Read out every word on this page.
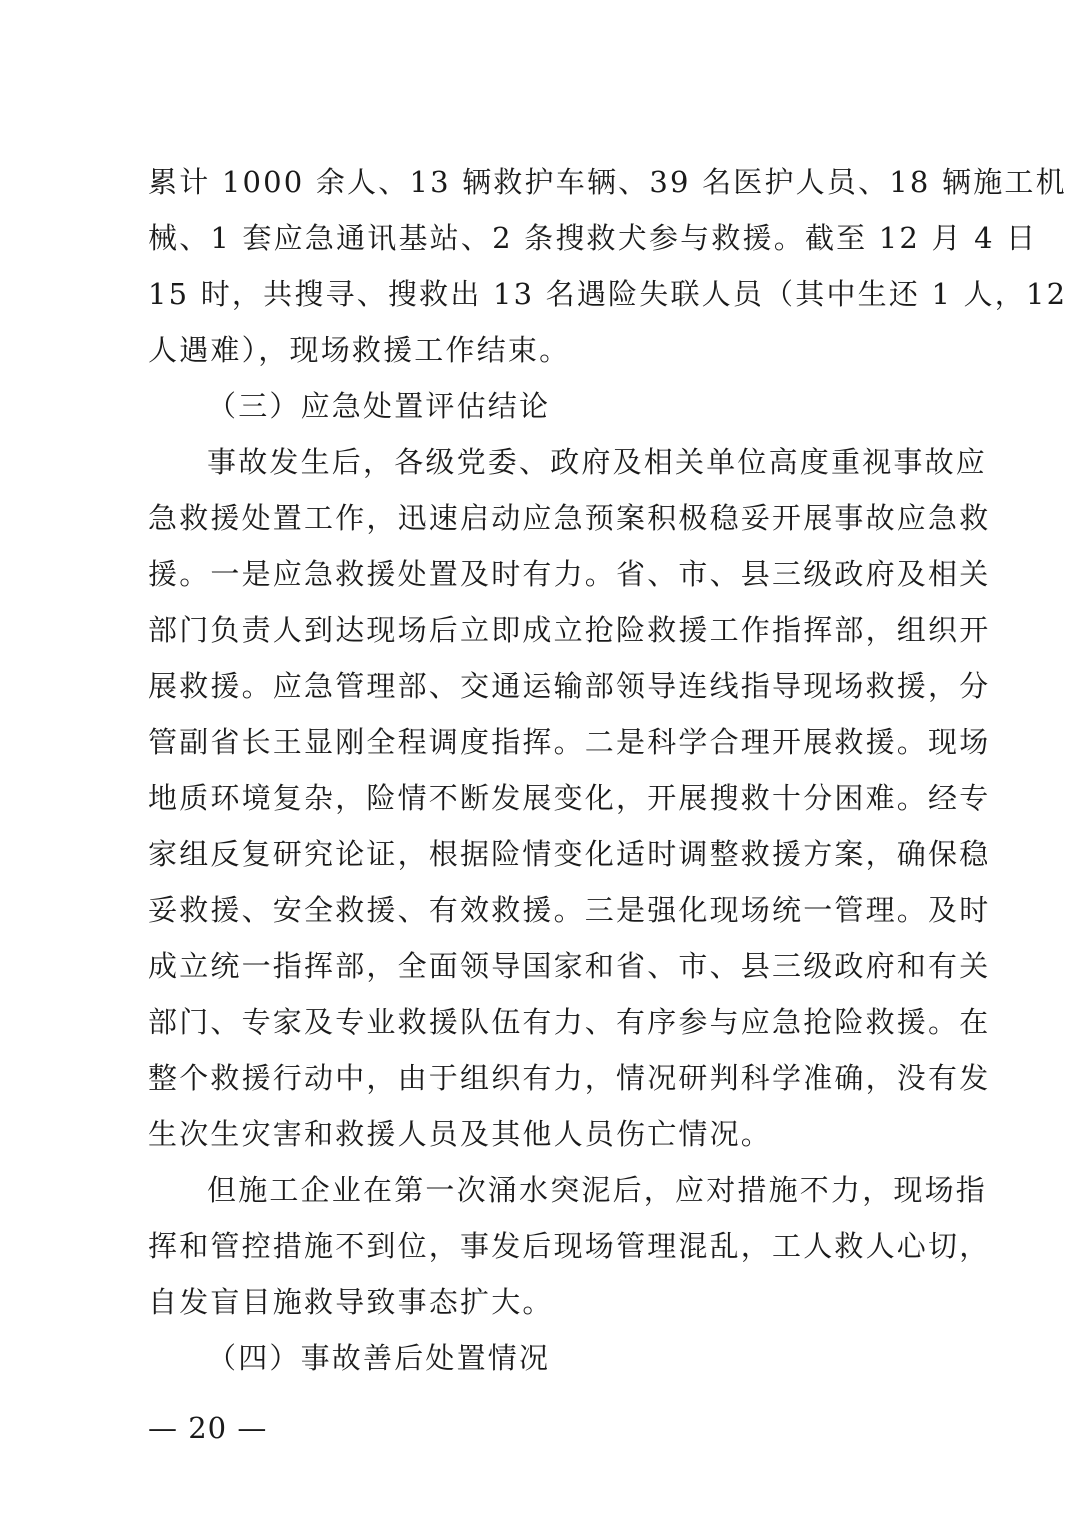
累计 1000 余人、13 辆救护车辆、39 名医护人员、18 辆施工机
械、1 套应急通讯基站、2 条搜救犬参与救援。截至 12 月 4 日
15 时，共搜寻、搜救出 13 名遇险失联人员（其中生还 1 人，12
人遇难），现场救援工作结束。
（三）应急处置评估结论
事故发生后，各级党委、政府及相关单位高度重视事故应
急救援处置工作，迅速启动应急预案积极稳妥开展事故应急救
援。一是应急救援处置及时有力。省、市、县三级政府及相关
部门负责人到达现场后立即成立抢险救援工作指挥部，组织开
展救援。应急管理部、交通运输部领导连线指导现场救援，分
管副省长王显刚全程调度指挥。二是科学合理开展救援。现场
地质环境复杂，险情不断发展变化，开展搜救十分困难。经专
家组反复研究论证，根据险情变化适时调整救援方案，确保稳
妥救援、安全救援、有效救援。三是强化现场统一管理。及时
成立统一指挥部，全面领导国家和省、市、县三级政府和有关
部门、专家及专业救援队伍有力、有序参与应急抢险救援。在
整个救援行动中，由于组织有力，情况研判科学准确，没有发
生次生灾害和救援人员及其他人员伤亡情况。
但施工企业在第一次涌水突泥后，应对措施不力，现场指
挥和管控措施不到位，事发后现场管理混乱，工人救人心切，
自发盲目施救导致事态扩大。
（四）事故善后处置情况
— 20 —
